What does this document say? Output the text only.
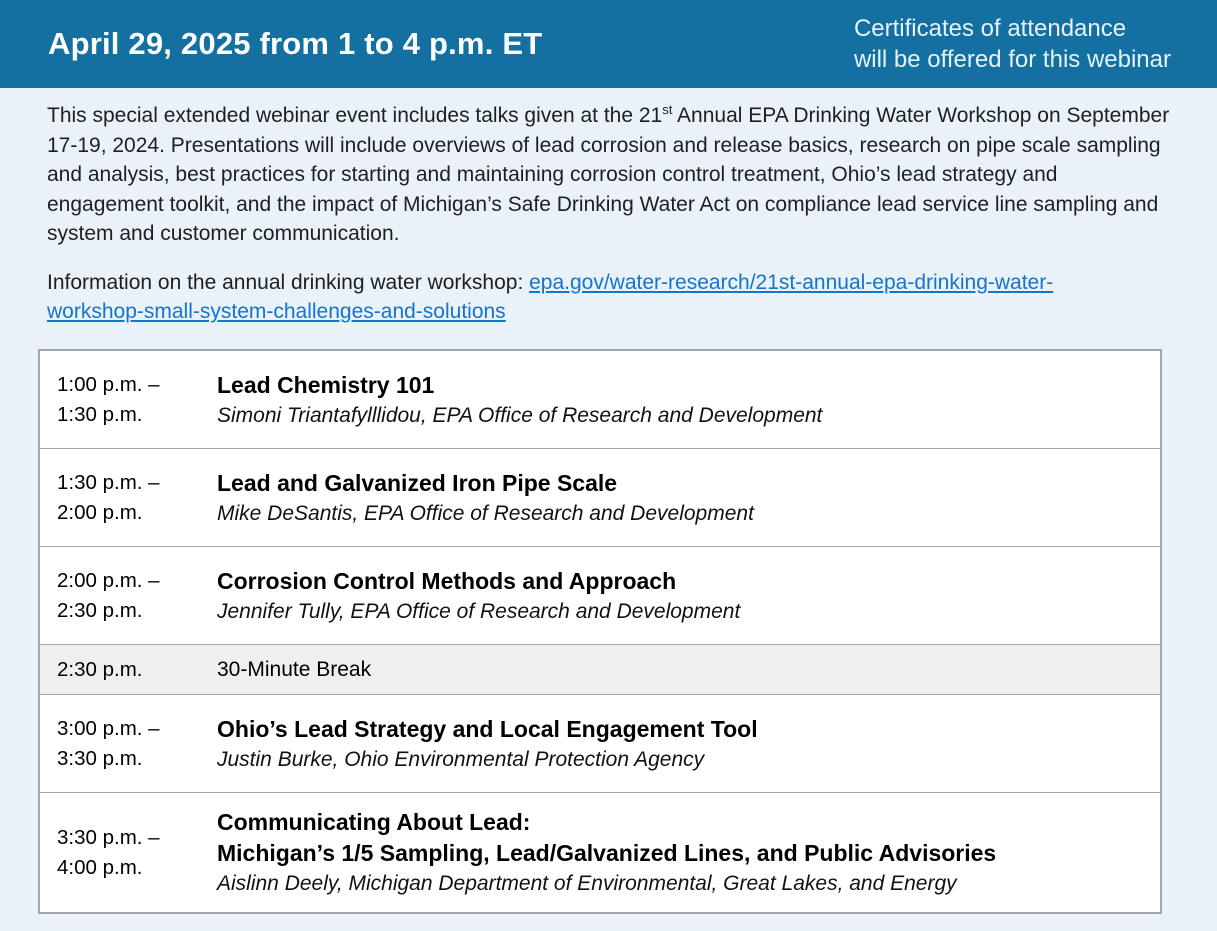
April 29, 2025 from 1 to 4 p.m. ET	Certificates of attendance
will be offered for this webinar

This special extended webinar event includes talks given at the 21st Annual EPA Drinking Water Workshop on September 17-19, 2024. Presentations will include overviews of lead corrosion and release basics, research on pipe scale sampling and analysis, best practices for starting and maintaining corrosion control treatment, Ohio’s lead strategy and engagement toolkit, and the impact of Michigan’s Safe Drinking Water Act on compliance lead service line sampling and system and customer communication.

Information on the annual drinking water workshop: epa.gov/water-research/21st-annual-epa-drinking-water-workshop-small-system-challenges-and-solutions

1:00 p.m. –
1:30 p.m.
Lead Chemistry 101
Simoni Triantafylllidou, EPA Office of Research and Development
1:30 p.m. –
2:00 p.m.
Lead and Galvanized Iron Pipe Scale
Mike DeSantis, EPA Office of Research and Development
2:00 p.m. –
2:30 p.m.
Corrosion Control Methods and Approach
Jennifer Tully, EPA Office of Research and Development
2:30 p.m.	30-Minute Break
3:00 p.m. –
3:30 p.m.
Ohio’s Lead Strategy and Local Engagement Tool
Justin Burke, Ohio Environmental Protection Agency
3:30 p.m. –
4:00 p.m.
Communicating About Lead:
Michigan’s 1/5 Sampling, Lead/Galvanized Lines, and Public Advisories
Aislinn Deely, Michigan Department of Environmental, Great Lakes, and Energy
